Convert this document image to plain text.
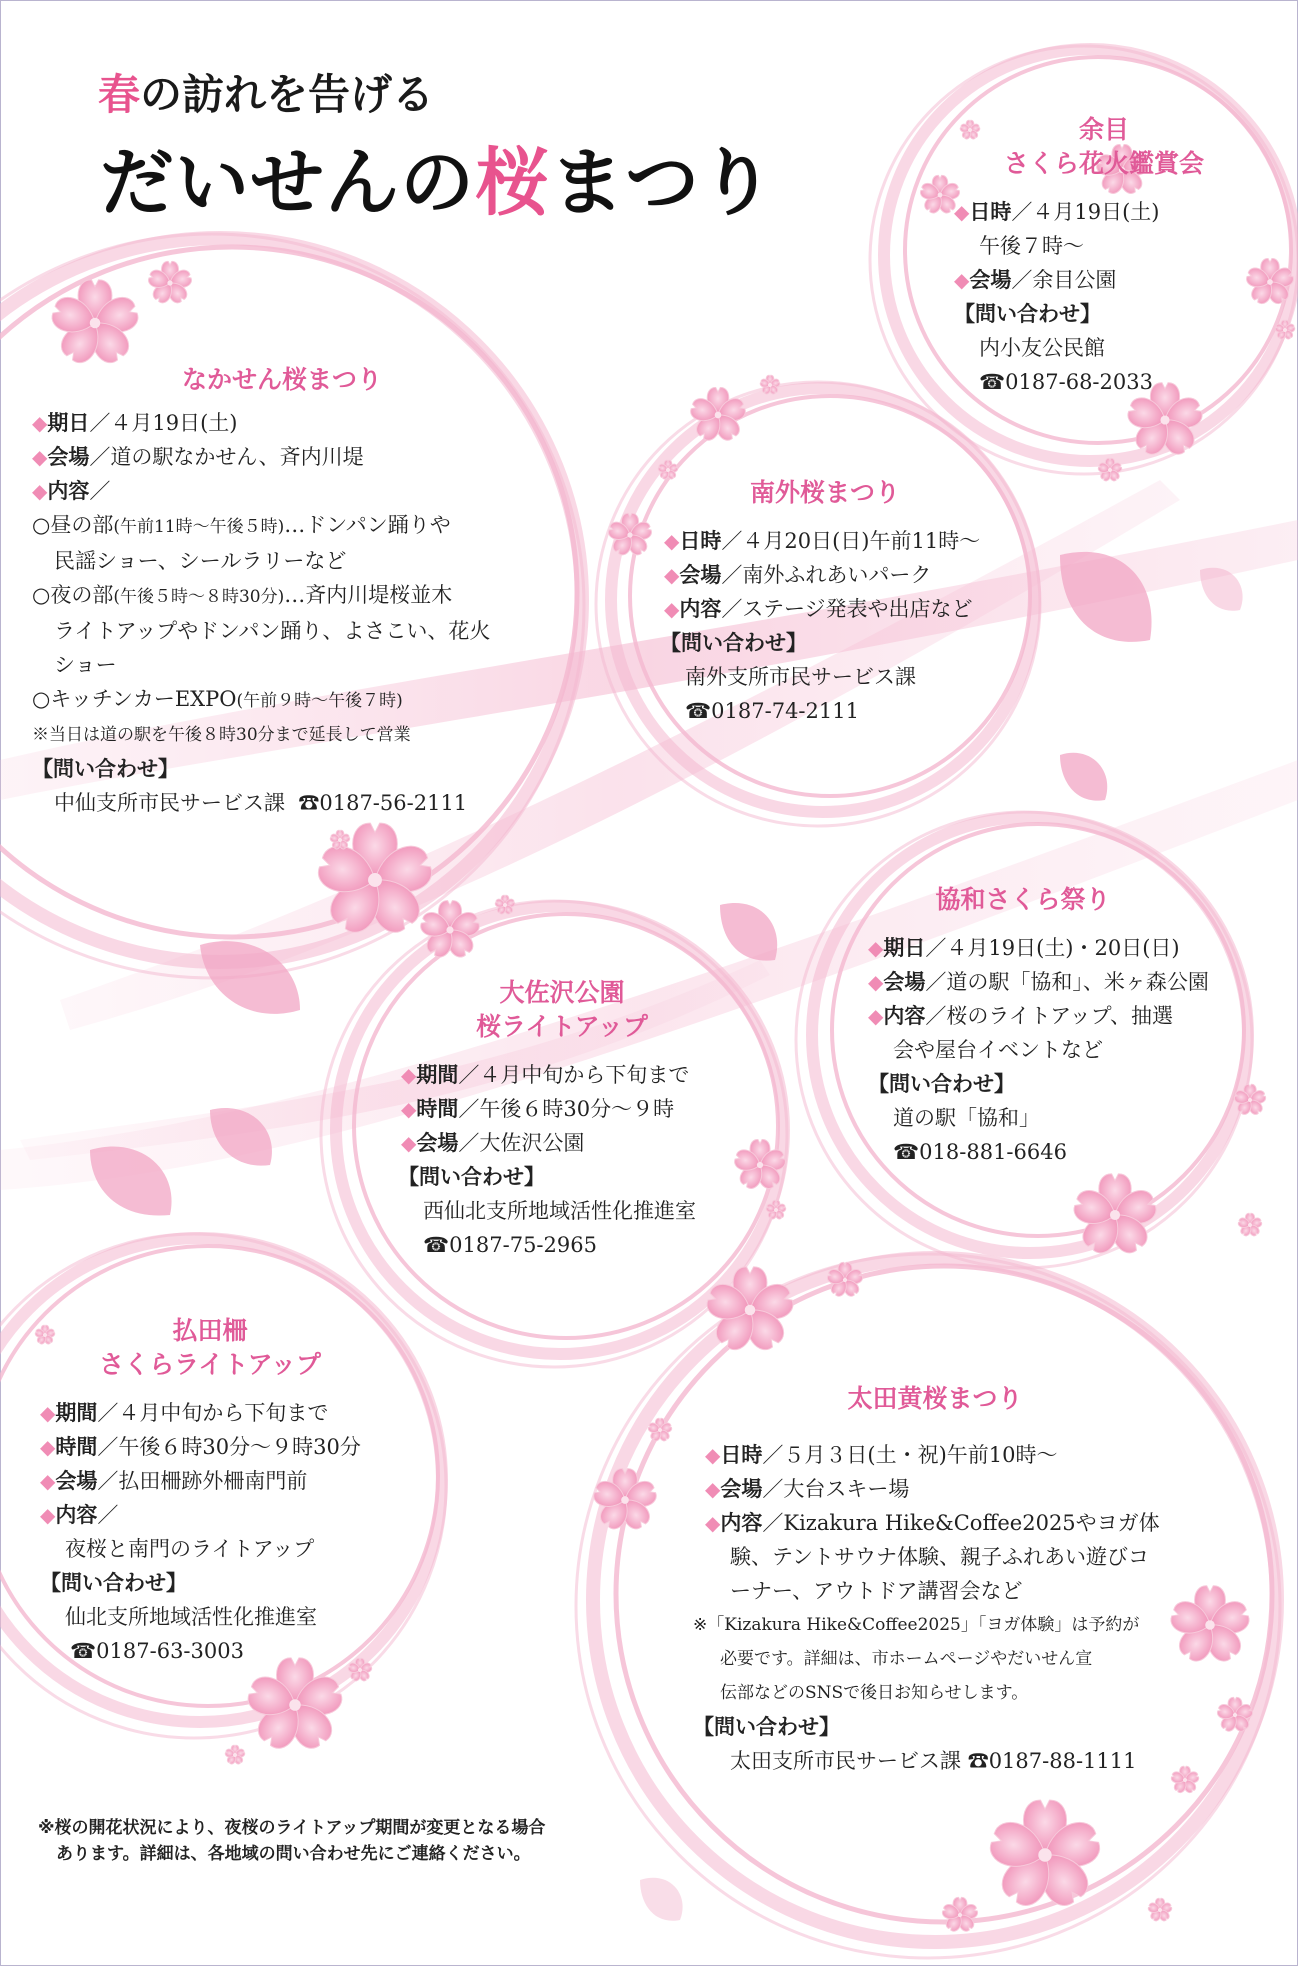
春の訪れを告げる
だいせんの桜まつり
余目
さくら花火鑑賞会
◆日時／４月19日(土)
午後７時～
◆会場／余目公園
【問い合わせ】
内小友公民館
☎0187-68-2033
なかせん桜まつり
◆期日／４月19日(土)
◆会場／道の駅なかせん、斉内川堤
◆内容／
○昼の部(午前11時～午後５時)…ドンパン踊りや
民謡ショー、シールラリーなど
○夜の部(午後５時～８時30分)…斉内川堤桜並木
ライトアップやドンパン踊り、よさこい、花火
ショー
○キッチンカーEXPO(午前９時～午後７時)
※当日は道の駅を午後８時30分まで延長して営業
【問い合わせ】
中仙支所市民サービス課 ☎0187-56-2111
南外桜まつり
◆日時／４月20日(日)午前11時～
◆会場／南外ふれあいパーク
◆内容／ステージ発表や出店など
【問い合わせ】
南外支所市民サービス課
☎0187-74-2111
協和さくら祭り
◆期日／４月19日(土)・20日(日)
◆会場／道の駅「協和」、米ヶ森公園
◆内容／桜のライトアップ、抽選
会や屋台イベントなど
【問い合わせ】
道の駅「協和」
☎018-881-6646
大佐沢公園
桜ライトアップ
◆期間／４月中旬から下旬まで
◆時間／午後６時30分～９時
◆会場／大佐沢公園
【問い合わせ】
西仙北支所地域活性化推進室
☎0187-75-2965
払田柵
さくらライトアップ
◆期間／４月中旬から下旬まで
◆時間／午後６時30分～９時30分
◆会場／払田柵跡外柵南門前
◆内容／
夜桜と南門のライトアップ
【問い合わせ】
仙北支所地域活性化推進室
☎0187-63-3003
太田黄桜まつり
◆日時／５月３日(土・祝)午前10時～
◆会場／大台スキー場
◆内容／Kizakura Hike&Coffee2025やヨガ体
験、テントサウナ体験、親子ふれあい遊びコ
ーナー、アウトドア講習会など
※「Kizakura Hike&Coffee2025」「ヨガ体験」は予約が
必要です。詳細は、市ホームページやだいせん宣
伝部などのSNSで後日お知らせします。
【問い合わせ】
太田支所市民サービス課 ☎0187-88-1111
※桜の開花状況により、夜桜のライトアップ期間が変更となる場合
あります。詳細は、各地域の問い合わせ先にご連絡ください。
